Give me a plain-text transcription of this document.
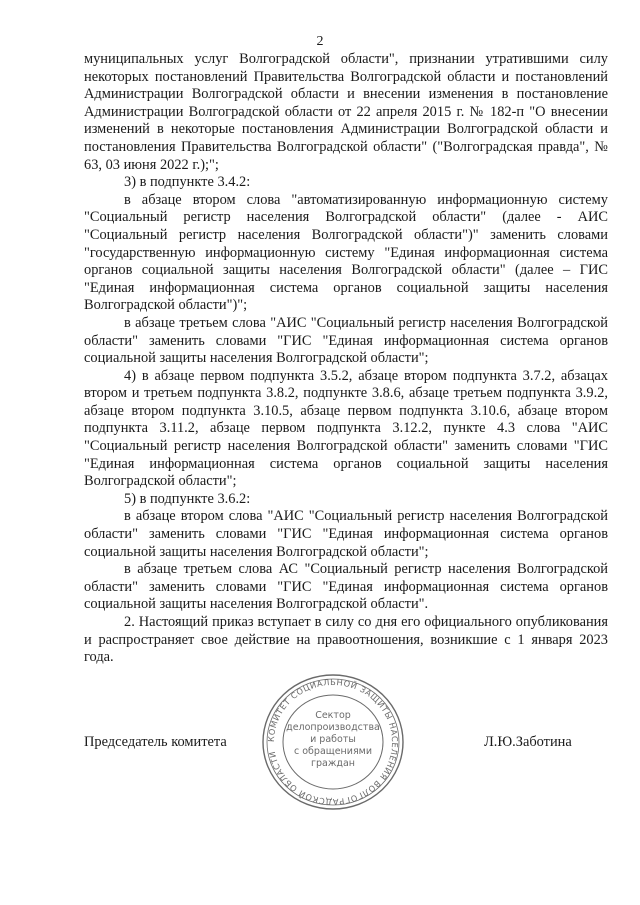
2

муниципальных услуг Волгоградской области", признании утратившими силу некоторых постановлений Правительства Волгоградской области и постановлений Администрации Волгоградской области и внесении изменения в постановление Администрации Волгоградской области от 22 апреля 2015 г. № 182-п "О внесении изменений в некоторые постановления Администрации Волгоградской области и постановления Правительства Волгоградской области" ("Волгоградская правда", № 63, 03 июня 2022 г.);";

3) в подпункте 3.4.2:

в абзаце втором слова "автоматизированную информационную систему "Социальный регистр населения Волгоградской области" (далее - АИС "Социальный регистр населения Волгоградской области")" заменить словами "государственную информационную систему "Единая информационная система органов социальной защиты населения Волгоградской области" (далее – ГИС "Единая информационная система органов социальной защиты населения Волгоградской области")";

в абзаце третьем слова "АИС "Социальный регистр населения Волгоградской области" заменить словами "ГИС "Единая информационная система органов социальной защиты населения Волгоградской области";

4) в абзаце первом подпункта 3.5.2, абзаце втором подпункта 3.7.2, абзацах втором и третьем подпункта 3.8.2, подпункте 3.8.6, абзаце третьем подпункта 3.9.2, абзаце втором подпункта 3.10.5, абзаце первом подпункта 3.10.6, абзаце втором подпункта 3.11.2, абзаце первом подпункта 3.12.2, пункте 4.3 слова "АИС "Социальный регистр населения Волгоградской области" заменить словами "ГИС "Единая информационная система органов социальной защиты населения Волгоградской области";

5) в подпункте 3.6.2:

в абзаце втором слова "АИС "Социальный регистр населения Волгоградской области" заменить словами "ГИС "Единая информационная система органов социальной защиты населения Волгоградской области";

в абзаце третьем слова АС "Социальный регистр населения Волгоградской области" заменить словами "ГИС "Единая информационная система органов социальной защиты населения Волгоградской области".

2. Настоящий приказ вступает в силу со дня его официального опубликования и распространяет свое действие на правоотношения, возникшие с 1 января 2023 года.

Председатель комитета	Л.Ю.Заботина
КОМИТЕТ СОЦИАЛЬНОЙ ЗАЩИТЫ НАСЕЛЕНИЯ ВОЛГОГРАДСКОЙ ОБЛАСТИ
Сектор
делопроизводства
и работы
с обращениями
граждан
